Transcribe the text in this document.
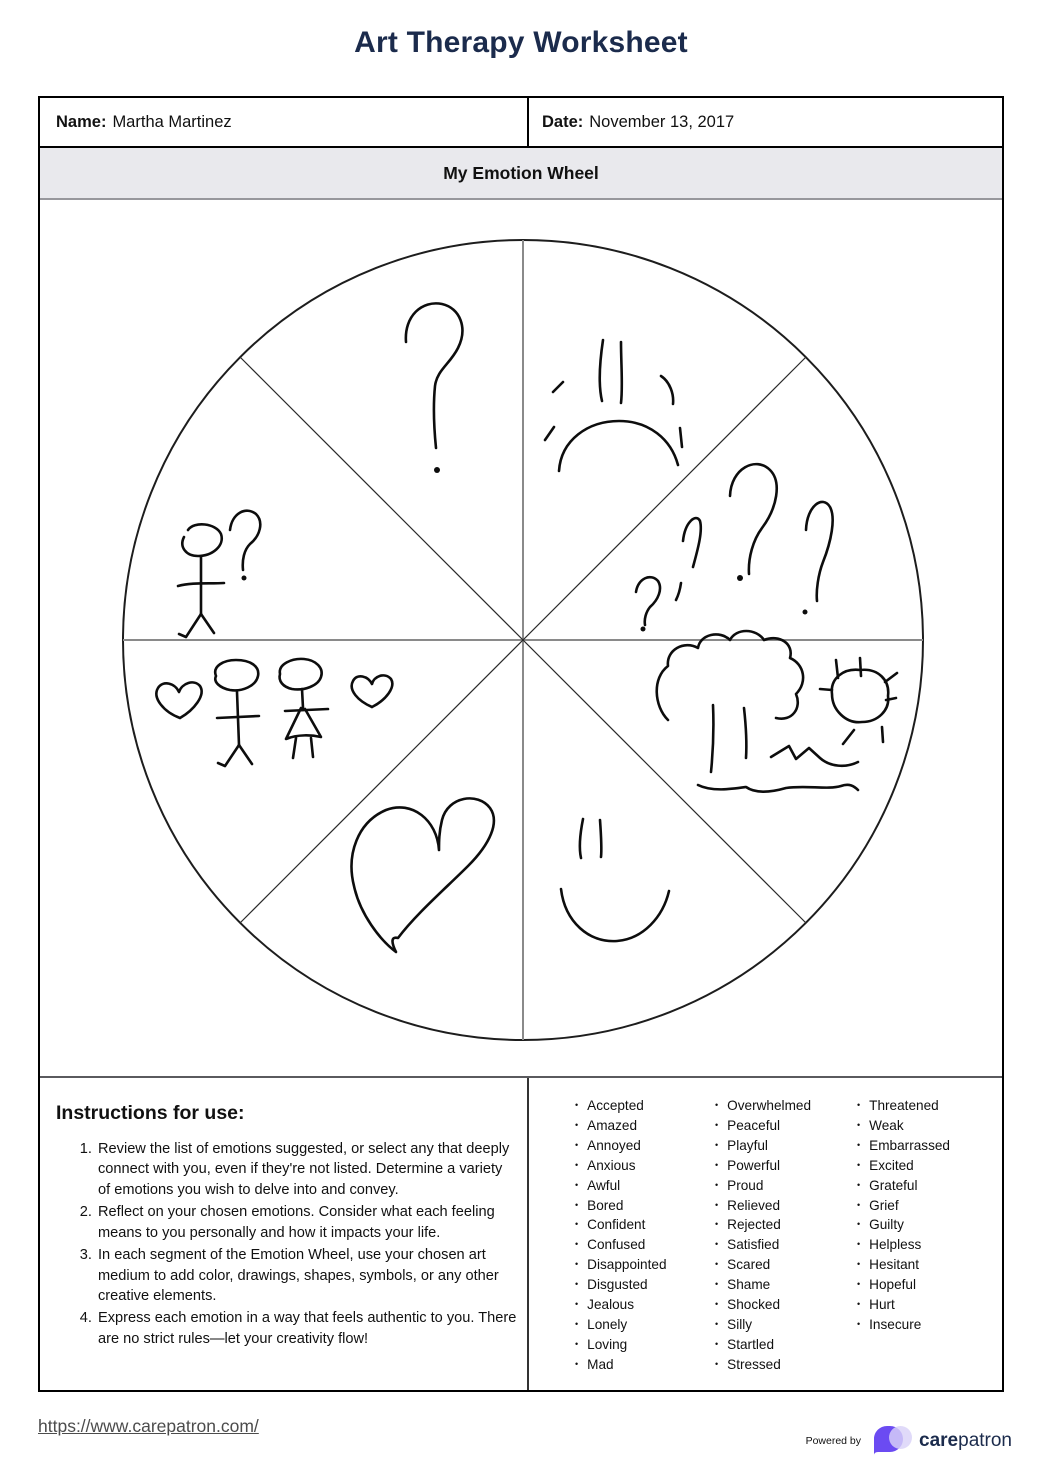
Art Therapy Worksheet
Name: Martha Martinez	Date: November 13, 2017
My Emotion Wheel
Instructions for use:
1. Review the list of emotions suggested, or select any that deeply connect with you, even if they're not listed. Determine a variety of emotions you wish to delve into and convey.
2. Reflect on your chosen emotions. Consider what each feeling means to you personally and how it impacts your life.
3. In each segment of the Emotion Wheel, use your chosen art medium to add color, drawings, shapes, symbols, or any other creative elements.
4. Express each emotion in a way that feels authentic to you. There are no strict rules—let your creativity flow!
• Accepted
• Amazed
• Annoyed
• Anxious
• Awful
• Bored
• Confident
• Confused
• Disappointed
• Disgusted
• Jealous
• Lonely
• Loving
• Mad
• Overwhelmed
• Peaceful
• Playful
• Powerful
• Proud
• Relieved
• Rejected
• Satisfied
• Scared
• Shame
• Shocked
• Silly
• Startled
• Stressed
• Threatened
• Weak
• Embarrassed
• Excited
• Grateful
• Grief
• Guilty
• Helpless
• Hesitant
• Hopeful
• Hurt
• Insecure
https://www.carepatron.com/
Powered by	carepatron
